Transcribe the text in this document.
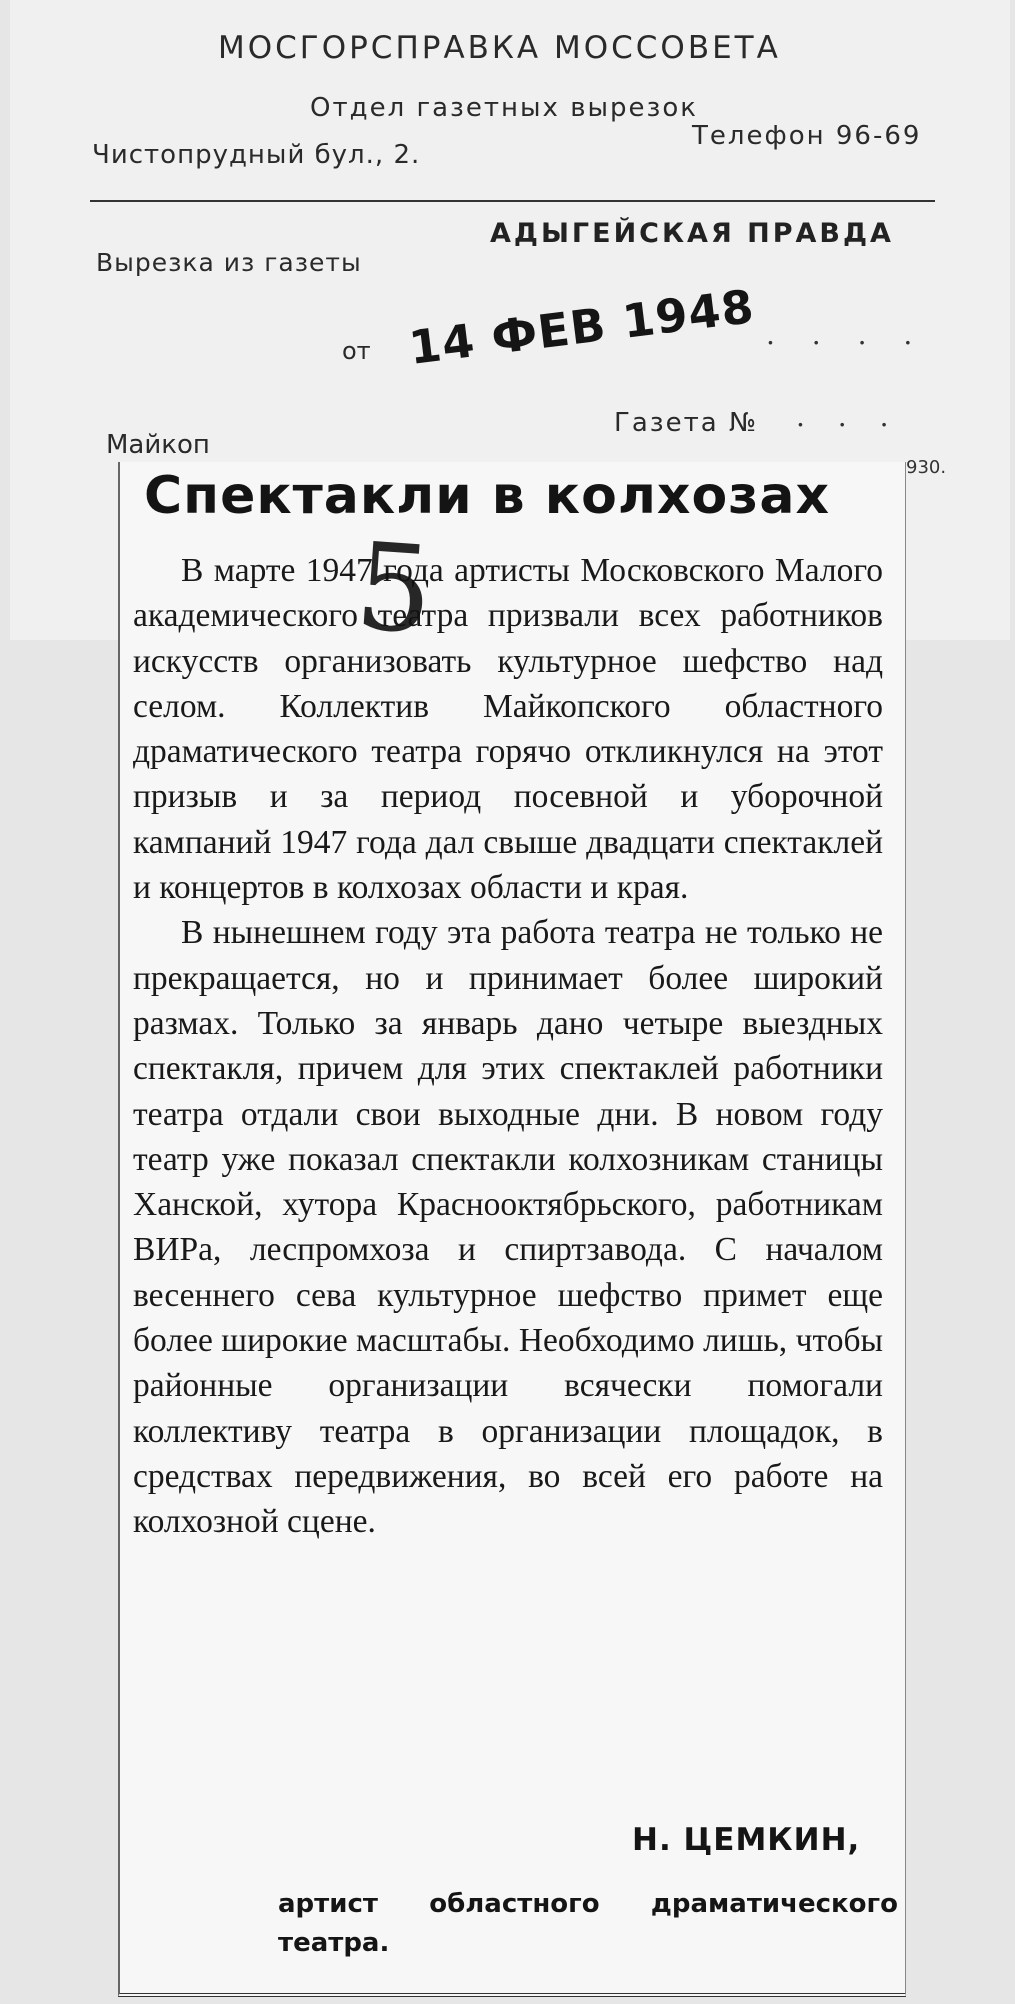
МОСГОРСПРАВКА МОССОВЕТА
Отдел газетных вырезок
Чистопрудный бул., 2.
Телефон 96-69
Вырезка из газеты
АДЫГЕЙСКАЯ ПРАВДА
от 14 ФЕВ 1948 . . . .
Майкоп
Газета № . . .
930.
Спектакли в колхозах

В марте 1947 года артисты Московского Малого академического театра призвали всех работников искусств организовать культурное шефство над селом. Коллектив Майкопского областного драматического театра горячо откликнулся на этот призыв и за период посевной и уборочной кампаний 1947 года дал свыше двадцати спектаклей и концертов в колхозах области и края.

В нынешнем году эта работа театра не только не прекращается, но и принимает более широкий размах. Только за январь дано четыре выездных спектакля, причем для этих спектаклей работники театра отдали свои выходные дни. В новом году театр уже показал спектакли колхозникам станицы Ханской, хутора Краснооктябрьского, работникам ВИРа, леспромхоза и спиртзавода. С началом весеннего сева культурное шефство примет еще более широкие масштабы. Необходимо лишь, чтобы районные организации всячески помогали коллективу театра в организации площадок, в средствах передвижения, во всей его работе на колхозной сцене.

5
Н. ЦЕМКИН,
артист областного драматического
театра.
